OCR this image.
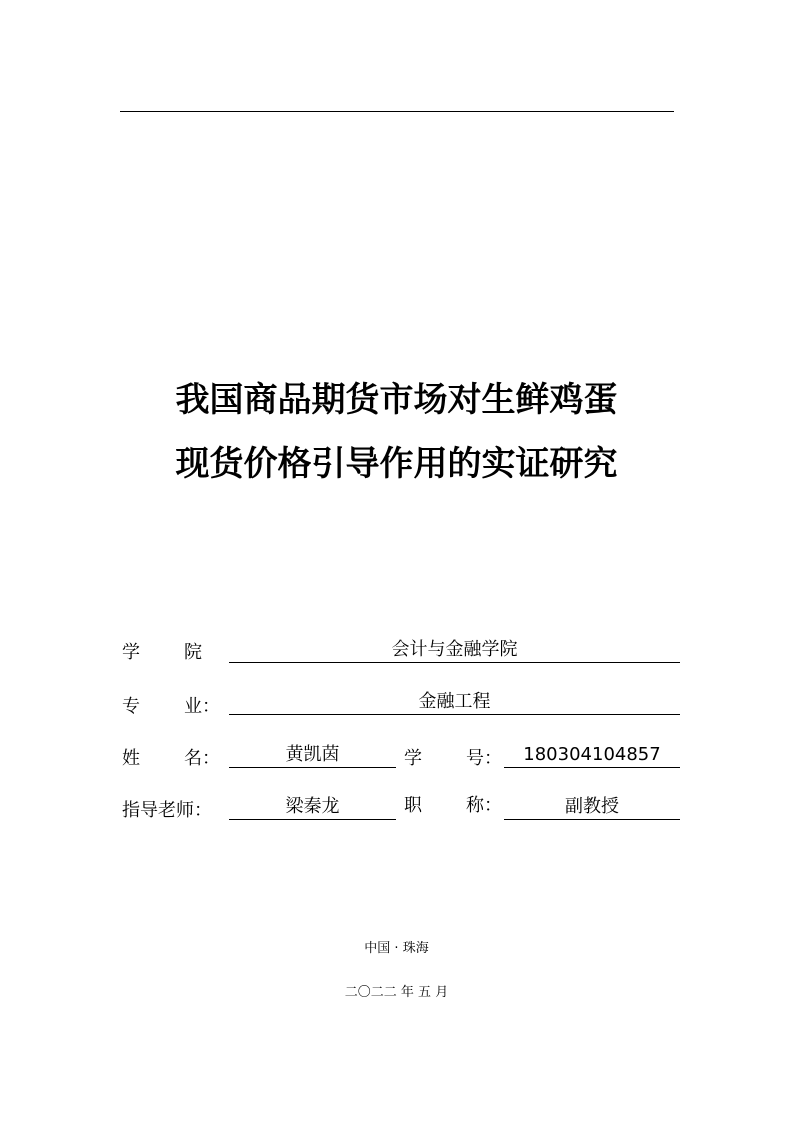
我国商品期货市场对生鲜鸡蛋
现货价格引导作用的实证研究
学 院	会计与金融学院
专 业：	金融工程
姓 名：	黄凯茵	学 号：	180304104857
指导老师：	梁秦龙	职 称：	副教授
中国 · 珠海
二〇二二 年 五 月
